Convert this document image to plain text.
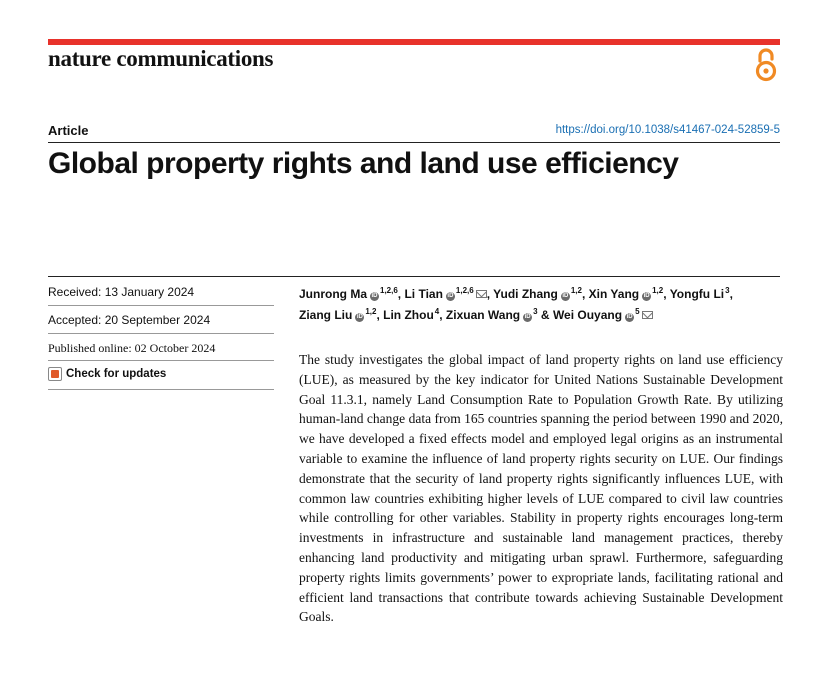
nature communications
Article	https://doi.org/10.1038/s41467-024-52859-5
Global property rights and land use efficiency
Received: 13 January 2024
Accepted: 20 September 2024
Published online: 02 October 2024
Check for updates
Junrong Ma iD$^{1,2,6}$, Li Tian iD$^{1,2,6}$ , Yudi Zhang iD$^{1,2}$, Xin Yang iD$^{1,2}$, Yongfu Li$^3$, Ziang Liu iD$^{1,2}$, Lin Zhou$^4$, Zixuan Wang iD$^3$ & Wei Ouyang iD$^5$

The study investigates the global impact of land property rights on land use efficiency (LUE), as measured by the key indicator for United Nations Sustainable Development Goal 11.3.1, namely Land Consumption Rate to Population Growth Rate. By utilizing human-land change data from 165 countries spanning the period between 1990 and 2020, we have developed a fixed effects model and employed legal origins as an instrumental variable to examine the influence of land property rights security on LUE. Our findings demonstrate that the security of land property rights significantly influences LUE, with common law countries exhibiting higher levels of LUE compared to civil law countries while controlling for other variables. Stability in property rights encourages long-term investments in infrastructure and sustainable land management practices, thereby enhancing land productivity and mitigating urban sprawl. Furthermore, safeguarding property rights limits governments’ power to expropriate lands, facilitating rational and efficient land transactions that contribute towards achieving Sustainable Development Goals.
